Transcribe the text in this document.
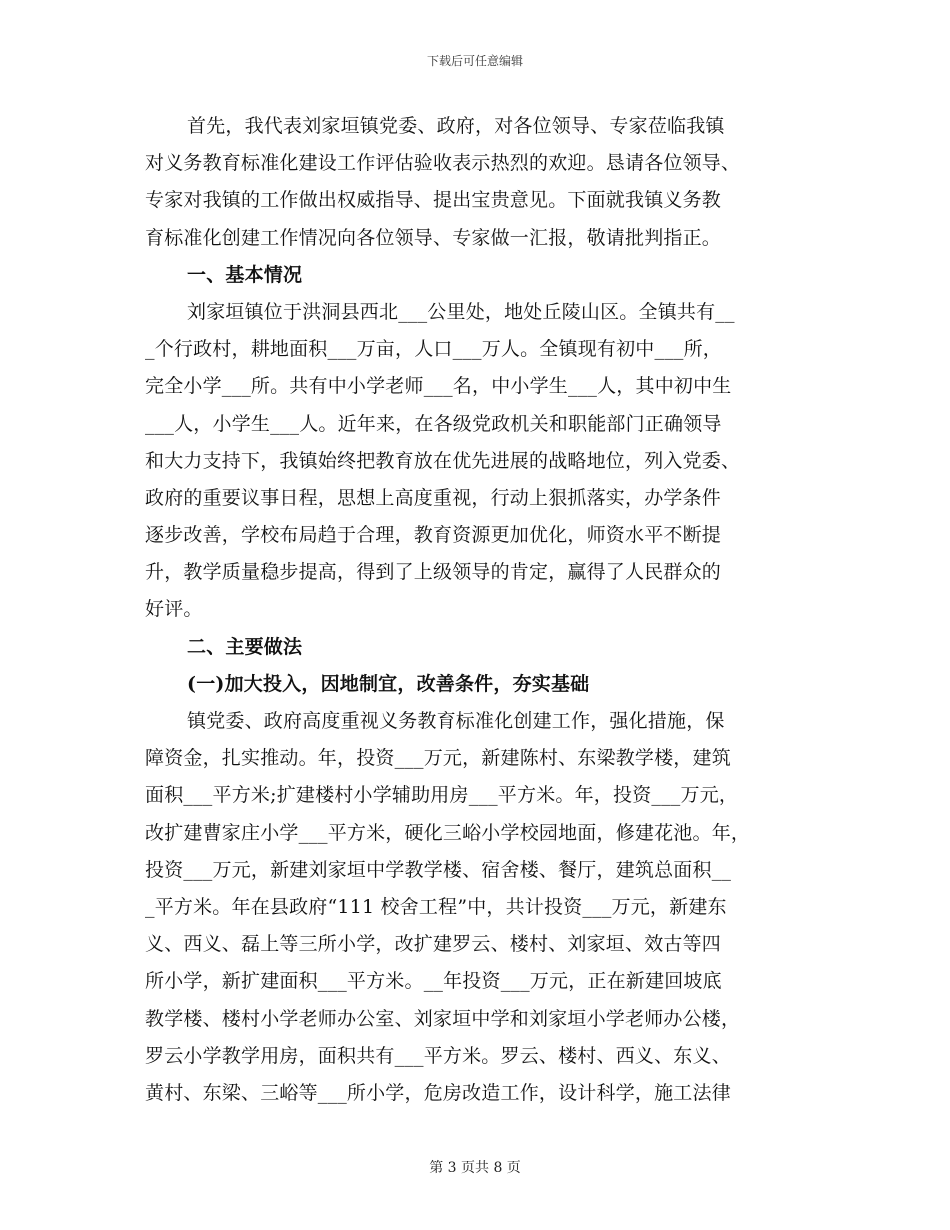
下载后可任意编辑
首先，我代表刘家垣镇党委、政府，对各位领导、专家莅临我镇
对义务教育标准化建设工作评估验收表示热烈的欢迎。恳请各位领导、
专家对我镇的工作做出权威指导、提出宝贵意见。下面就我镇义务教
育标准化创建工作情况向各位领导、专家做一汇报，敬请批判指正。
一、基本情况
刘家垣镇位于洪洞县西北___公里处，地处丘陵山区。全镇共有__
_个行政村，耕地面积___万亩，人口___万人。全镇现有初中___所，
完全小学___所。共有中小学老师___名，中小学生___人，其中初中生
___人，小学生___人。近年来，在各级党政机关和职能部门正确领导
和大力支持下，我镇始终把教育放在优先进展的战略地位，列入党委、
政府的重要议事日程，思想上高度重视，行动上狠抓落实，办学条件
逐步改善，学校布局趋于合理，教育资源更加优化，师资水平不断提
升，教学质量稳步提高，得到了上级领导的肯定，赢得了人民群众的
好评。
二、主要做法
(一)加大投入，因地制宜，改善条件，夯实基础
镇党委、政府高度重视义务教育标准化创建工作，强化措施，保
障资金，扎实推动。年，投资___万元，新建陈村、东梁教学楼，建筑
面积___平方米;扩建楼村小学辅助用房___平方米。年，投资___万元，
改扩建曹家庄小学___平方米，硬化三峪小学校园地面，修建花池。年，
投资___万元，新建刘家垣中学教学楼、宿舍楼、餐厅，建筑总面积__
_平方米。年在县政府“111 校舍工程”中，共计投资___万元，新建东
义、西义、磊上等三所小学，改扩建罗云、楼村、刘家垣、效古等四
所小学，新扩建面积___平方米。__年投资___万元，正在新建回坡底
教学楼、楼村小学老师办公室、刘家垣中学和刘家垣小学老师办公楼，
罗云小学教学用房，面积共有___平方米。罗云、楼村、西义、东义、
黄村、东梁、三峪等___所小学，危房改造工作，设计科学，施工法律
第 3 页共 8 页
